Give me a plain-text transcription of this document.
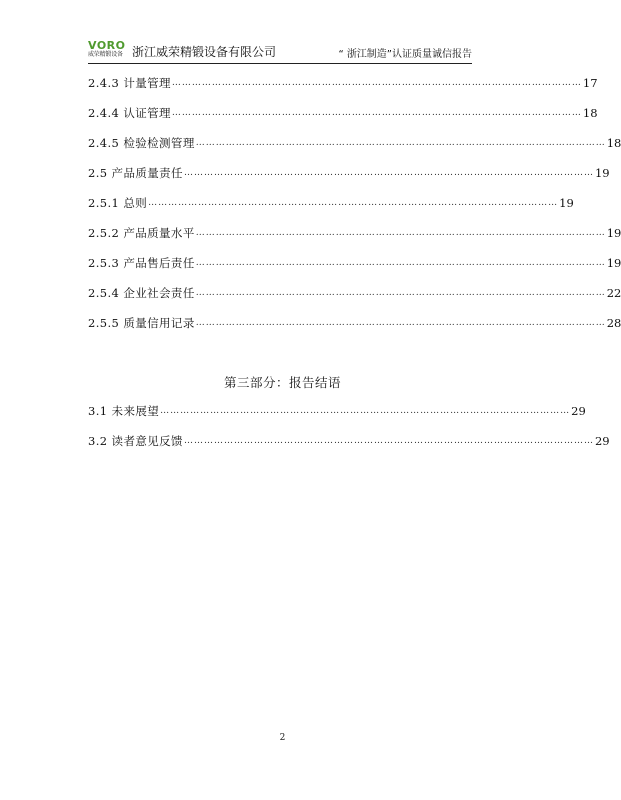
VORO
威荣精锻设备 浙江威荣精锻设备有限公司	“ 浙江制造”认证质量诚信报告
2.4.3 计量管理 …………………………………………………………………………………………………………… 17
2.4.4 认证管理 …………………………………………………………………………………………………………… 18
2.4.5 检验检测管理 …………………………………………………………………………………………………………… 18
2.5 产品质量责任 …………………………………………………………………………………………………………… 19
2.5.1 总则 …………………………………………………………………………………………………………… 19
2.5.2 产品质量水平 …………………………………………………………………………………………………………… 19
2.5.3 产品售后责任 …………………………………………………………………………………………………………… 19
2.5.4 企业社会责任 …………………………………………………………………………………………………………… 22
2.5.5 质量信用记录 …………………………………………………………………………………………………………… 28
第三部分：报告结语
3.1 未来展望 …………………………………………………………………………………………………………… 29
3.2 读者意见反馈 …………………………………………………………………………………………………………… 29
2
